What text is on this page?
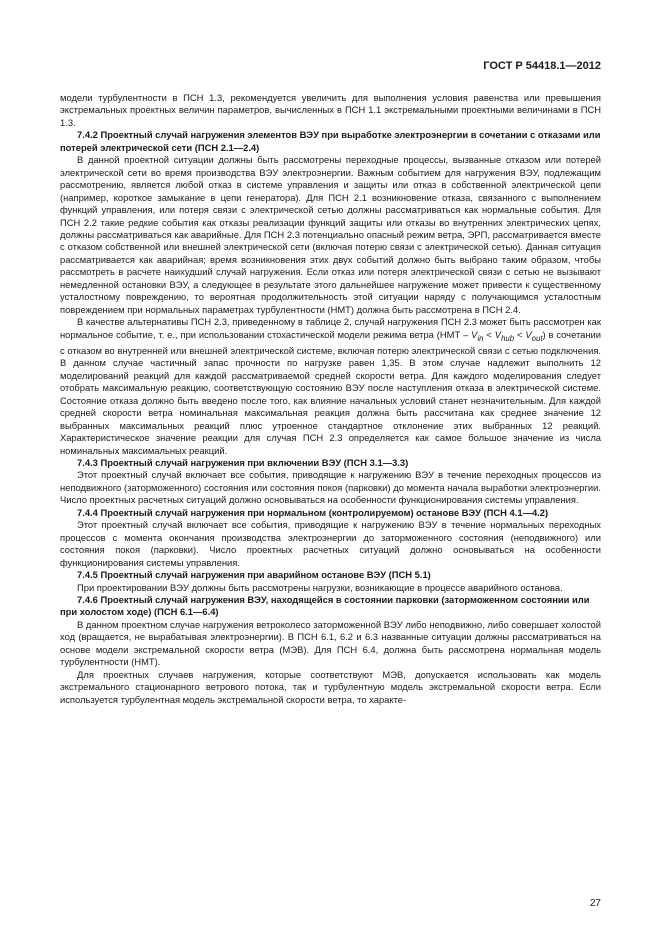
ГОСТ Р 54418.1—2012

модели турбулентности в ПСН 1.3, рекомендуется увеличить для выполнения условия равенства или превышения экстремальных проектных величин параметров, вычисленных в ПСН 1.1 экстремальными проектными величинами в ПСН 1.3.

7.4.2 Проектный случай нагружения элементов ВЭУ при выработке электроэнергии в сочетании с отказами или потерей электрической сети (ПСН 2.1—2.4)

В данной проектной ситуации должны быть рассмотрены переходные процессы, вызванные отказом или потерей электрической сети во время производства ВЭУ электроэнергии. Важным событием для нагружения ВЭУ, подлежащим рассмотрению, является любой отказ в системе управления и защиты или отказ в собственной электрической цепи (например, короткое замыкание в цепи генератора). Для ПСН 2.1 возникновение отказа, связанного с выполнением функций управления, или потеря связи с электрической сетью должны рассматриваться как нормальные события. Для ПСН 2.2 такие редкие события как отказы реализации функций защиты или отказы во внутренних электрических цепях, должны рассматриваться как аварийные. Для ПСН 2.3 потенциально опасный режим ветра, ЭРП, рассматривается вместе с отказом собственной или внешней электрической сети (включая потерю связи с электрической сетью). Данная ситуация рассматривается как аварийная; время возникновения этих двух событий должно быть выбрано таким образом, чтобы рассмотреть в расчете наихудший случай нагружения. Если отказ или потеря электрической связи с сетью не вызывают немедленной остановки ВЭУ, а следующее в результате этого дальнейшее нагружение может привести к существенному усталостному повреждению, то вероятная продолжительность этой ситуации наряду с получающимся усталостным повреждением при нормальных параметрах турбулентности (НМТ) должна быть рассмотрена в ПСН 2.4.

В качестве альтернативы ПСН 2.3, приведенному в таблице 2, случай нагружения ПСН 2.3 может быть рассмотрен как нормальное событие, т. е., при использовании стохастической модели режима ветра $(НМТ - V_{in} < V_{hub} < V_{out})$ в сочетании с отказом во внутренней или внешней электрической системе, включая потерю электрической связи с сетью подключения. В данном случае частичный запас прочности по нагрузке равен 1,35. В этом случае надлежит выполнить 12 моделирований реакций для каждой рассматриваемой средней скорости ветра. Для каждого моделирования следует отобрать максимальную реакцию, соответствующую состоянию ВЭУ после наступления отказа в электрической системе. Состояние отказа должно быть введено после того, как влияние начальных условий станет незначительным. Для каждой средней скорости ветра номинальная максимальная реакция должна быть рассчитана как среднее значение 12 выбранных максимальных реакций плюс утроенное стандартное отклонение этих выбранных 12 реакций. Характеристическое значение реакции для случая ПСН 2.3 определяется как самое большое значение из числа номинальных максимальных реакций.

7.4.3 Проектный случай нагружения при включении ВЭУ (ПСН 3.1—3.3)

Этот проектный случай включает все события, приводящие к нагружению ВЭУ в течение переходных процессов из неподвижного (заторможенного) состояния или состояния покоя (парковки) до момента начала выработки электроэнергии. Число проектных расчетных ситуаций должно основываться на особенности функционирования системы управления.

7.4.4 Проектный случай нагружения при нормальном (контролируемом) останове ВЭУ (ПСН 4.1—4.2)

Этот проектный случай включает все события, приводящие к нагружению ВЭУ в течение нормальных переходных процессов с момента окончания производства электроэнергии до заторможенного состояния (неподвижного) или состояния покоя (парковки). Число проектных расчетных ситуаций должно основываться на особенности функционирования системы управления.

7.4.5 Проектный случай нагружения при аварийном останове ВЭУ (ПСН 5.1)

При проектировании ВЭУ должны быть рассмотрены нагрузки, возникающие в процессе аварийного останова.

7.4.6 Проектный случай нагружения ВЭУ, находящейся в состоянии парковки (заторможенном состоянии или при холостом ходе) (ПСН 6.1—6.4)

В данном проектном случае нагружения ветроколесо заторможенной ВЭУ либо неподвижно, либо совершает холостой ход (вращается, не вырабатывая электроэнергии). В ПСН 6.1, 6.2 и 6.3 названные ситуации должны рассматриваться на основе модели экстремальной скорости ветра (МЭВ). Для ПСН 6.4, должна быть рассмотрена нормальная модель турбулентности (НМТ).

Для проектных случаев нагружения, которые соответствуют МЭВ, допускается использовать как модель экстремального стационарного ветрового потока, так и турбулентную модель экстремальной скорости ветра. Если используется турбулентная модель экстремальной скорости ветра, то характе-

27
